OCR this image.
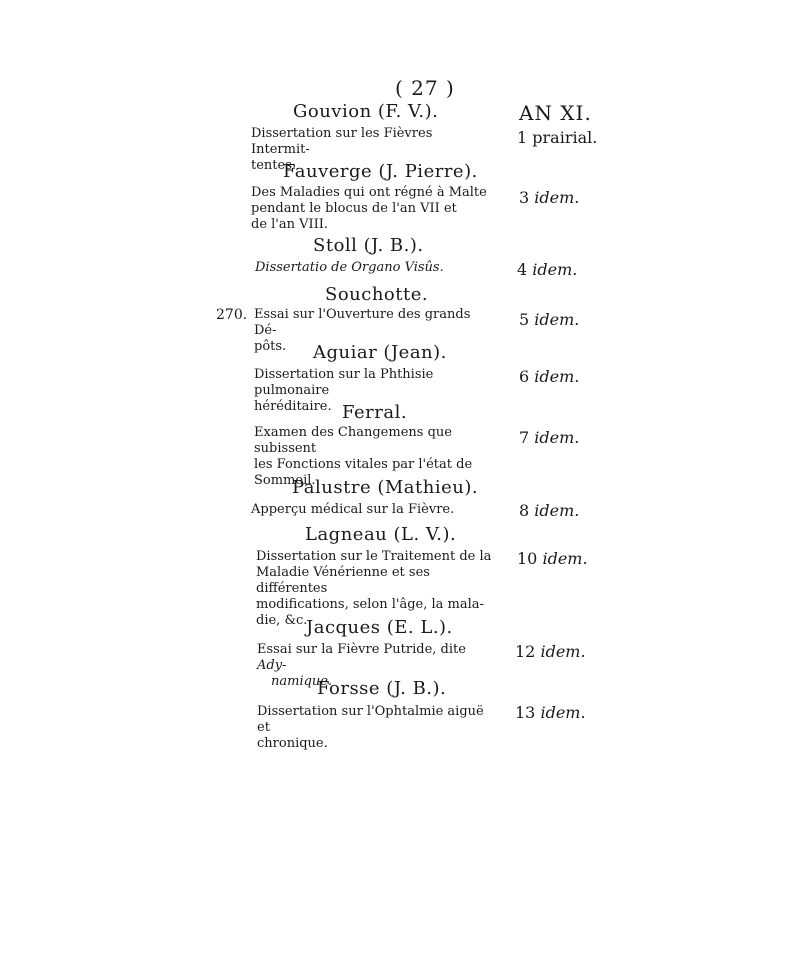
( 27 )
AN XI.
Gouvion (F. V.).
Dissertation sur les Fièvres Intermit-
tentes.
1 prairial.
Fauverge (J. Pierre).
Des Maladies qui ont régné à Malte
pendant le blocus de l'an VII et
de l'an VIII.
3 idem.
Stoll (J. B.).
Dissertatio de Organo Visûs.	4 idem.
Souchotte.
270. Essai sur l'Ouverture des grands Dé-
pôts.
5 idem.
Aguiar (Jean).
Dissertation sur la Phthisie pulmonaire
héréditaire.
6 idem.
Ferral.
Examen des Changemens que subissent
les Fonctions vitales par l'état de
Sommeil.
7 idem.
Palustre (Mathieu).
Apperçu médical sur la Fièvre.	8 idem.
Lagneau (L. V.).
Dissertation sur le Traitement de la
Maladie Vénérienne et ses différentes
modifications, selon l'âge, la mala-
die, &c.
10 idem.
Jacques (E. L.).
Essai sur la Fièvre Putride, dite Ady-
namique.
12 idem.
Forsse (J. B.).
Dissertation sur l'Ophtalmie aiguë et
chronique.
13 idem.
